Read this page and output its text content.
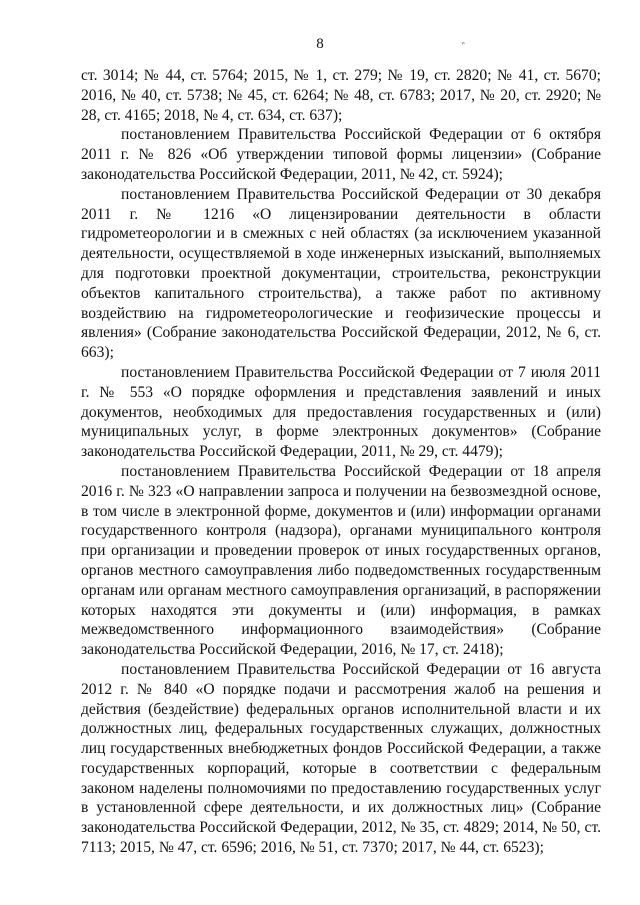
8	"

ст. 3014; № 44, ст. 5764; 2015, № 1, ст. 279; № 19, ст. 2820; № 41, ст. 5670; 2016, № 40, ст. 5738; № 45, ст. 6264; № 48, ст. 6783; 2017, № 20, ст. 2920; № 28, ст. 4165; 2018, № 4, ст. 634, ст. 637);

постановлением Правительства Российской Федерации от 6 октября 2011 г. № 826 «Об утверждении типовой формы лицензии» (Собрание законодательства Российской Федерации, 2011, № 42, ст. 5924);

постановлением Правительства Российской Федерации от 30 декабря 2011 г. № 1216 «О лицензировании деятельности в области гидрометеорологии и в смежных с ней областях (за исключением указанной деятельности, осуществляемой в ходе инженерных изысканий, выполняемых для подготовки проектной документации, строительства, реконструкции объектов капитального строительства), а также работ по активному воздействию на гидрометеорологические и геофизические процессы и явления» (Собрание законодательства Российской Федерации, 2012, № 6, ст. 663);

постановлением Правительства Российской Федерации от 7 июля 2011 г. № 553 «О порядке оформления и представления заявлений и иных документов, необходимых для предоставления государственных и (или) муниципальных услуг, в форме электронных документов» (Собрание законодательства Российской Федерации, 2011, № 29, ст. 4479);

постановлением Правительства Российской Федерации от 18 апреля 2016 г. № 323 «О направлении запроса и получении на безвозмездной основе, в том числе в электронной форме, документов и (или) информации органами государственного контроля (надзора), органами муниципального контроля при организации и проведении проверок от иных государственных органов, органов местного самоуправления либо подведомственных государственным органам или органам местного самоуправления организаций, в распоряжении которых находятся эти документы и (или) информация, в рамках межведомственного информационного взаимодействия» (Собрание законодательства Российской Федерации, 2016, № 17, ст. 2418);

постановлением Правительства Российской Федерации от 16 августа 2012 г. № 840 «О порядке подачи и рассмотрения жалоб на решения и действия (бездействие) федеральных органов исполнительной власти и их должностных лиц, федеральных государственных служащих, должностных лиц государственных внебюджетных фондов Российской Федерации, а также государственных корпораций, которые в соответствии с федеральным законом наделены полномочиями по предоставлению государственных услуг в установленной сфере деятельности, и их должностных лиц» (Собрание законодательства Российской Федерации, 2012, № 35, ст. 4829; 2014, № 50, ст. 7113; 2015, № 47, ст. 6596; 2016, № 51, ст. 7370; 2017, № 44, ст. 6523);
